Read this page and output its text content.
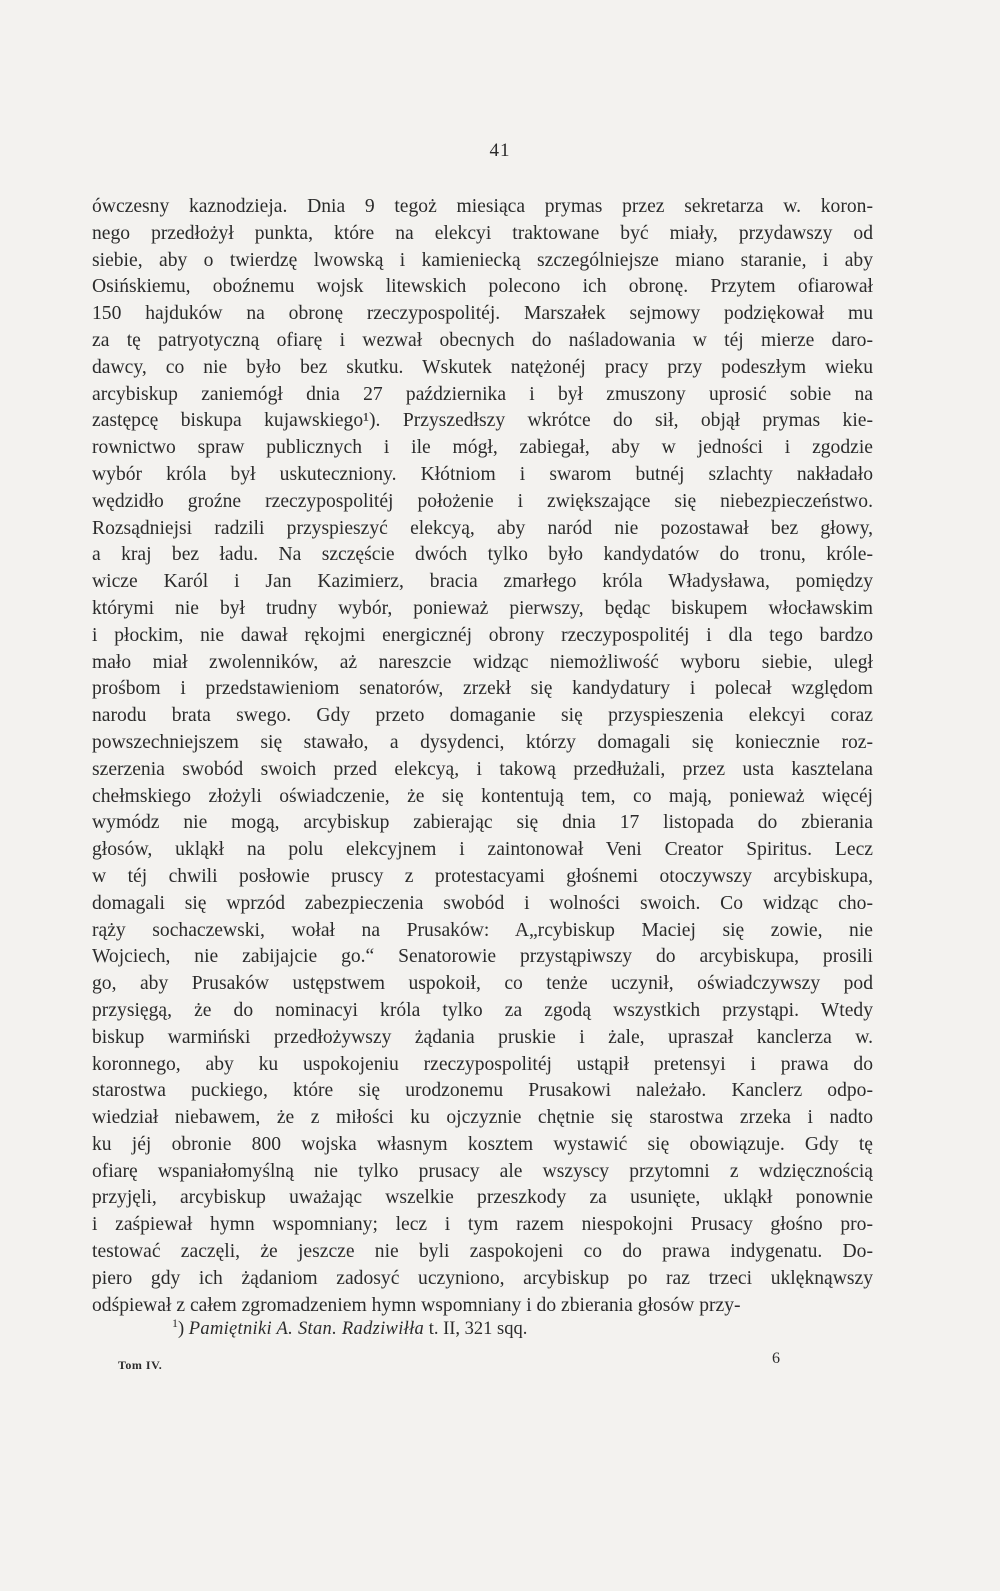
41
ówczesny kaznodzieja. Dnia 9 tegoż miesiąca prymas przez sekretarza w. koron-
nego przedłożył punkta, które na elekcyi traktowane być miały, przydawszy od
siebie, aby o twierdzę lwowską i kamieniecką szczególniejsze miano staranie, i aby
Osińskiemu, oboźnemu wojsk litewskich polecono ich obronę. Przytem ofiarował
150 hajduków na obronę rzeczypospolitéj. Marszałek sejmowy podziękował mu
za tę patryotyczną ofiarę i wezwał obecnych do naśladowania w téj mierze daro-
dawcy, co nie było bez skutku. Wskutek natężonéj pracy przy podeszłym wieku
arcybiskup zaniemógł dnia 27 października i był zmuszony uprosić sobie na
zastępcę biskupa kujawskiego¹). Przyszedłszy wkrótce do sił, objął prymas kie-
rownictwo spraw publicznych i ile mógł, zabiegał, aby w jedności i zgodzie
wybór króla był uskuteczniony. Kłótniom i swarom butnéj szlachty nakładało
wędzidło groźne rzeczypospolitéj położenie i zwiększające się niebezpieczeństwo.
Rozsądniejsi radzili przyspieszyć elekcyą, aby naród nie pozostawał bez głowy,
a kraj bez ładu. Na szczęście dwóch tylko było kandydatów do tronu, króle-
wicze Karól i Jan Kazimierz, bracia zmarłego króla Władysława, pomiędzy
którymi nie był trudny wybór, ponieważ pierwszy, będąc biskupem włocławskim
i płockim, nie dawał rękojmi energicznéj obrony rzeczypospolitéj i dla tego bardzo
mało miał zwolenników, aż nareszcie widząc niemożliwość wyboru siebie, uległ
prośbom i przedstawieniom senatorów, zrzekł się kandydatury i polecał względom
narodu brata swego. Gdy przeto domaganie się przyspieszenia elekcyi coraz
powszechniejszem się stawało, a dysydenci, którzy domagali się koniecznie roz-
szerzenia swobód swoich przed elekcyą, i takową przedłużali, przez usta kasztelana
chełmskiego złożyli oświadczenie, że się kontentują tem, co mają, ponieważ więcéj
wymódz nie mogą, arcybiskup zabierając się dnia 17 listopada do zbierania
głosów, ukląkł na polu elekcyjnem i zaintonował Veni Creator Spiritus. Lecz
w téj chwili posłowie pruscy z protestacyami głośnemi otoczywszy arcybiskupa,
domagali się wprzód zabezpieczenia swobód i wolności swoich. Co widząc cho-
rąży sochaczewski, wołał na Prusaków: A„rcybiskup Maciej się zowie, nie
Wojciech, nie zabijajcie go.“ Senatorowie przystąpiwszy do arcybiskupa, prosili
go, aby Prusaków ustępstwem uspokoił, co tenże uczynił, oświadczywszy pod
przysięgą, że do nominacyi króla tylko za zgodą wszystkich przystąpi. Wtedy
biskup warmiński przedłożywszy żądania pruskie i żale, upraszał kanclerza w.
koronnego, aby ku uspokojeniu rzeczypospolitéj ustąpił pretensyi i prawa do
starostwa puckiego, które się urodzonemu Prusakowi należało. Kanclerz odpo-
wiedział niebawem, że z miłości ku ojczyznie chętnie się starostwa zrzeka i nadto
ku jéj obronie 800 wojska własnym kosztem wystawić się obowiązuje. Gdy tę
ofiarę wspaniałomyślną nie tylko prusacy ale wszyscy przytomni z wdzięcznością
przyjęli, arcybiskup uważając wszelkie przeszkody za usunięte, ukląkł ponownie
i zaśpiewał hymn wspomniany; lecz i tym razem niespokojni Prusacy głośno pro-
testować zaczęli, że jeszcze nie byli zaspokojeni co do prawa indygenatu. Do-
piero gdy ich żądaniom zadosyć uczyniono, arcybiskup po raz trzeci uklęknąwszy
odśpiewał z całem zgromadzeniem hymn wspomniany i do zbierania głosów przy-
$^1$) Pamiętniki A. Stan. Radziwiłła t. II, 321 sqq.
Tom IV.	6
